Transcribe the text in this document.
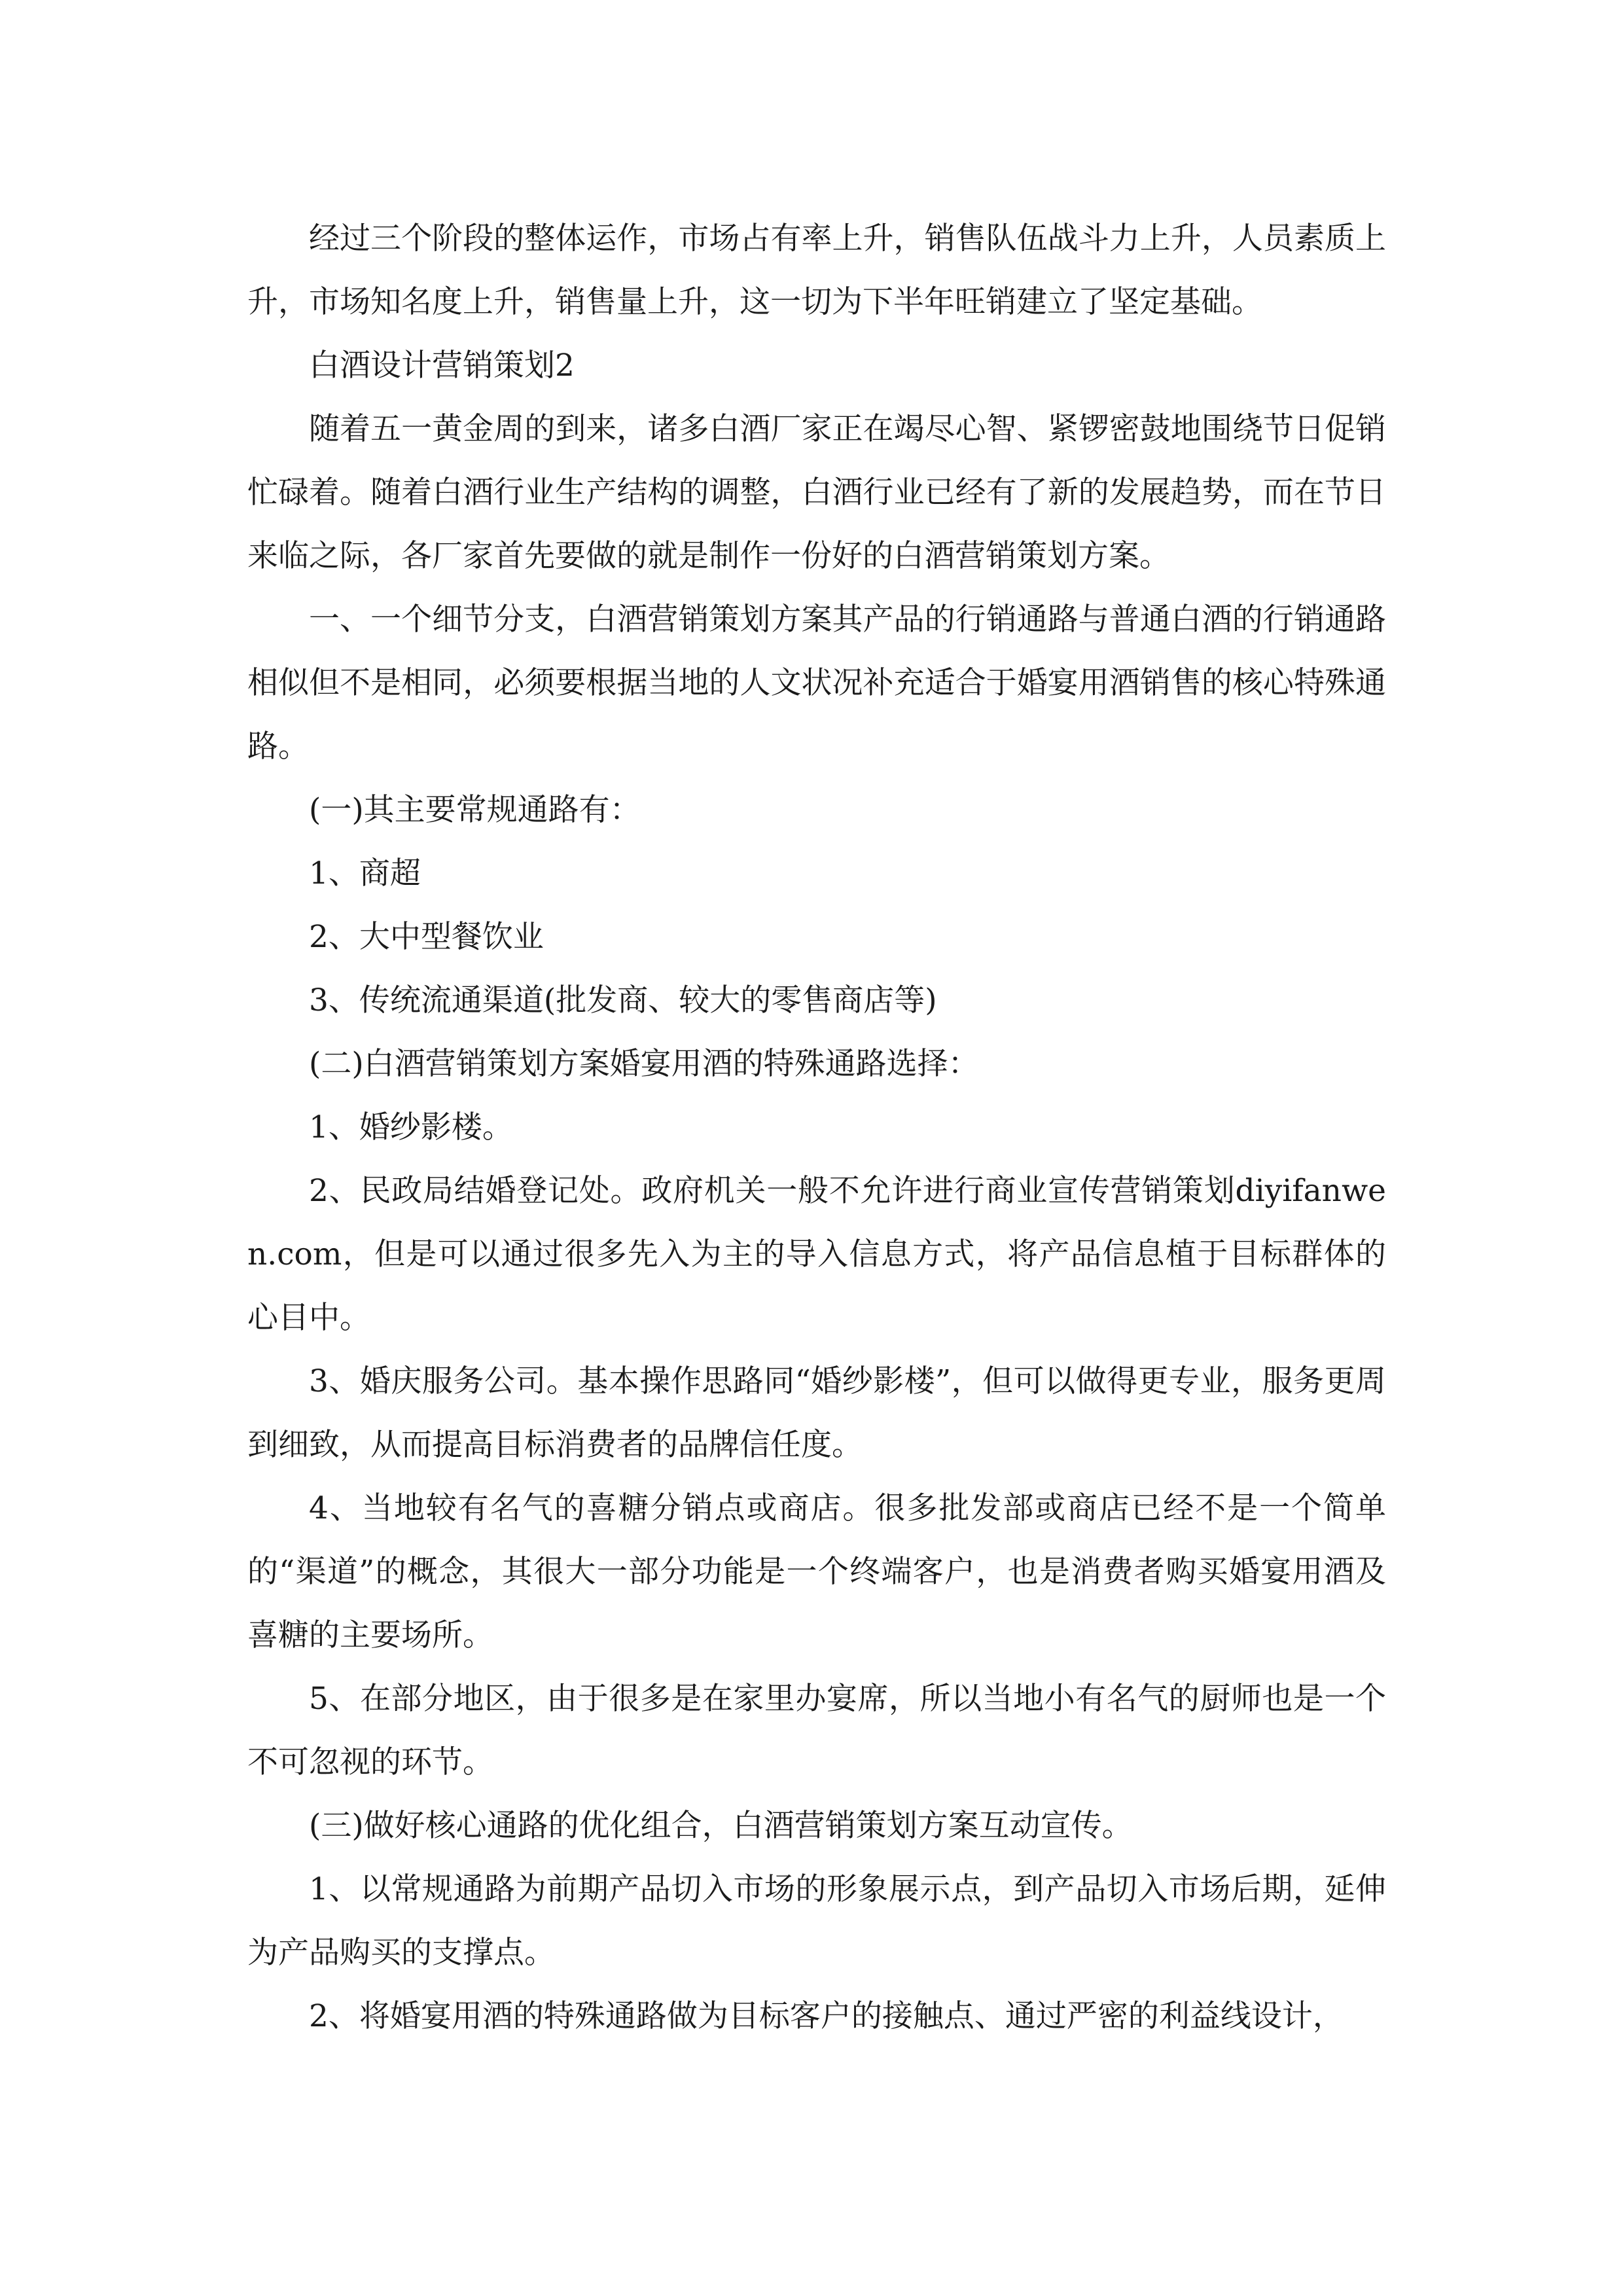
经过三个阶段的整体运作，市场占有率上升，销售队伍战斗力上升，人员素质上升，市场知名度上升，销售量上升，这一切为下半年旺销建立了坚定基础。

白酒设计营销策划2

随着五一黄金周的到来，诸多白酒厂家正在竭尽心智、紧锣密鼓地围绕节日促销忙碌着。随着白酒行业生产结构的调整，白酒行业已经有了新的发展趋势，而在节日来临之际，各厂家首先要做的就是制作一份好的白酒营销策划方案。

一、一个细节分支，白酒营销策划方案其产品的行销通路与普通白酒的行销通路相似但不是相同，必须要根据当地的人文状况补充适合于婚宴用酒销售的核心特殊通路。

(一)其主要常规通路有：

1、商超

2、大中型餐饮业

3、传统流通渠道(批发商、较大的零售商店等)

(二)白酒营销策划方案婚宴用酒的特殊通路选择：

1、婚纱影楼。

2、民政局结婚登记处。政府机关一般不允许进行商业宣传营销策划diyifanwen.com，但是可以通过很多先入为主的导入信息方式，将产品信息植于目标群体的心目中。

3、婚庆服务公司。基本操作思路同“婚纱影楼”，但可以做得更专业，服务更周到细致，从而提高目标消费者的品牌信任度。

4、当地较有名气的喜糖分销点或商店。很多批发部或商店已经不是一个简单的“渠道”的概念，其很大一部分功能是一个终端客户，也是消费者购买婚宴用酒及喜糖的主要场所。

5、在部分地区，由于很多是在家里办宴席，所以当地小有名气的厨师也是一个不可忽视的环节。

(三)做好核心通路的优化组合，白酒营销策划方案互动宣传。

1、以常规通路为前期产品切入市场的形象展示点，到产品切入市场后期，延伸为产品购买的支撑点。

2、将婚宴用酒的特殊通路做为目标客户的接触点、通过严密的利益线设计，
